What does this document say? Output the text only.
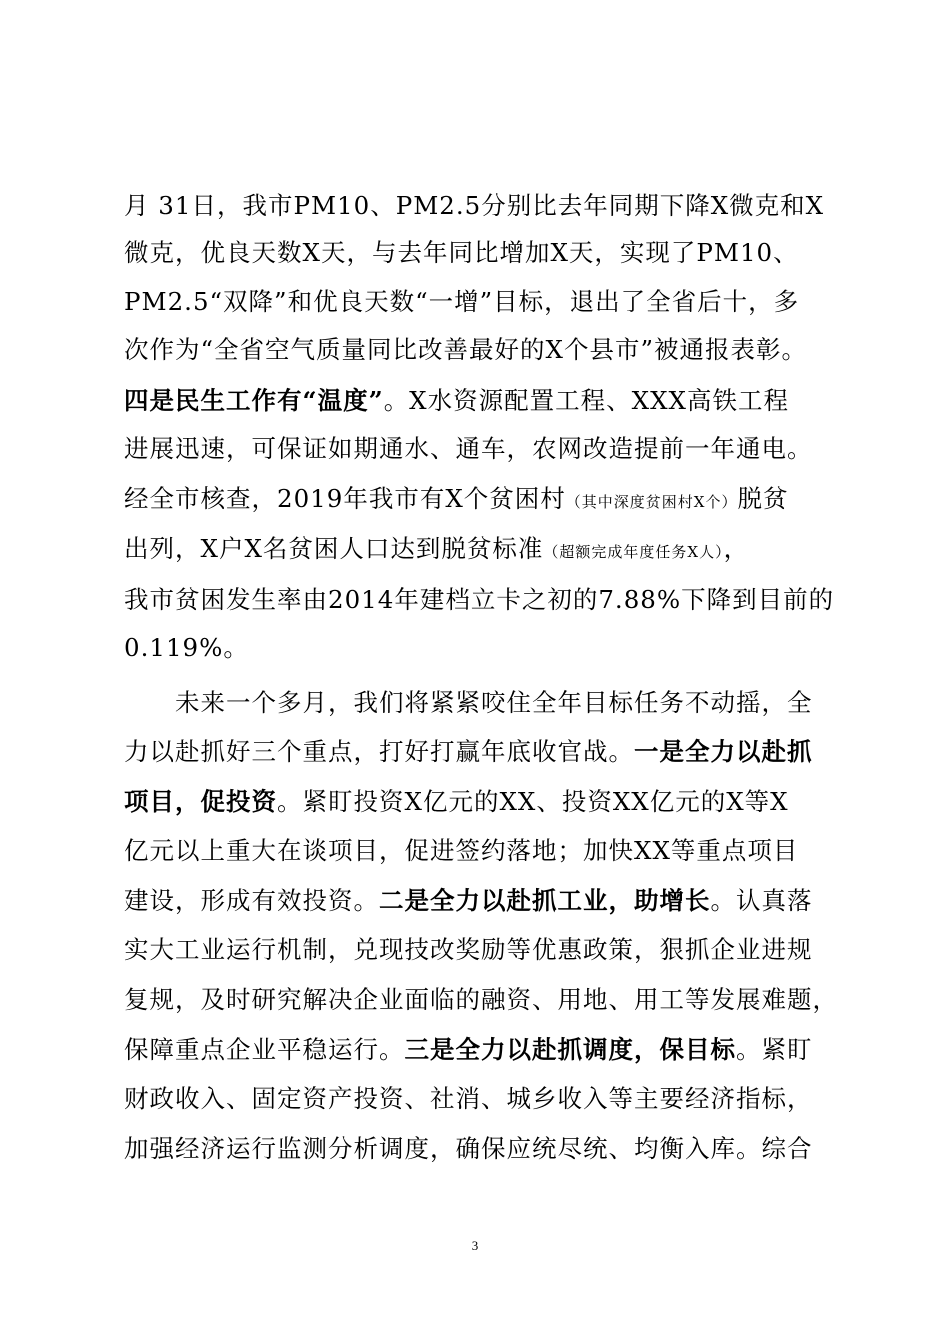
月 31日，我市PM10、PM2.5分别比去年同期下降X微克和X
微克，优良天数X天，与去年同比增加X天，实现了PM10、
PM2.5“双降”和优良天数“一增”目标，退出了全省后十，多
次作为“全省空气质量同比改善最好的X个县市”被通报表彰。
四是民生工作有“温度”。X水资源配置工程、XXX高铁工程
进展迅速，可保证如期通水、通车，农网改造提前一年通电。
经全市核查，2019年我市有X个贫困村（其中深度贫困村X个）脱贫
出列，X户X名贫困人口达到脱贫标准（超额完成年度任务X人），
我市贫困发生率由2014年建档立卡之初的7.88%下降到目前的
0.119%。
未来一个多月，我们将紧紧咬住全年目标任务不动摇，全
力以赴抓好三个重点，打好打赢年底收官战。一是全力以赴抓
项目，促投资。紧盯投资X亿元的XX、投资XX亿元的X等X
亿元以上重大在谈项目，促进签约落地；加快XX等重点项目
建设，形成有效投资。二是全力以赴抓工业，助增长。认真落
实大工业运行机制，兑现技改奖励等优惠政策，狠抓企业进规
复规，及时研究解决企业面临的融资、用地、用工等发展难题，
保障重点企业平稳运行。三是全力以赴抓调度，保目标。紧盯
财政收入、固定资产投资、社消、城乡收入等主要经济指标，
加强经济运行监测分析调度，确保应统尽统、均衡入库。综合
3
